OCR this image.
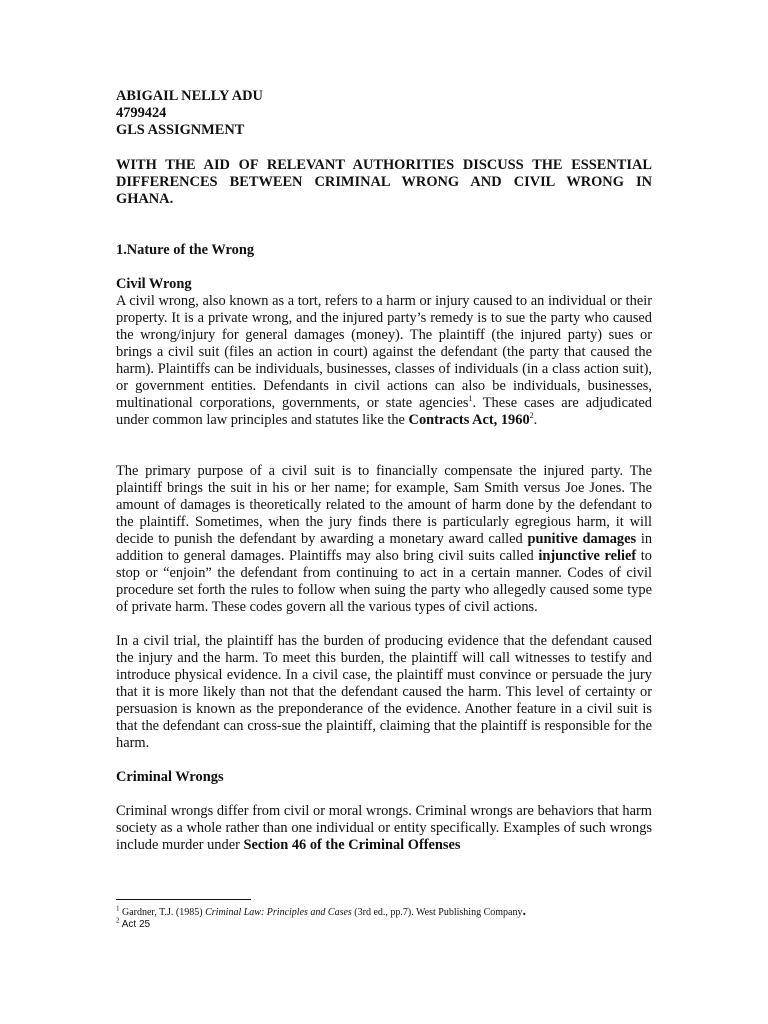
ABIGAIL NELLY ADU
4799424
GLS ASSIGNMENT

WITH THE AID OF RELEVANT AUTHORITIES DISCUSS THE ESSENTIAL DIFFERENCES BETWEEN CRIMINAL WRONG AND CIVIL WRONG IN GHANA.

1.Nature of the Wrong
Civil Wrong

A civil wrong, also known as a tort, refers to a harm or injury caused to an individual or their property. It is a private wrong, and the injured party’s remedy is to sue the party who caused the wrong/injury for general damages (money). The plaintiff (the injured party) sues or brings a civil suit (files an action in court) against the defendant (the party that caused the harm). Plaintiffs can be individuals, businesses, classes of individuals (in a class action suit), or government entities. Defendants in civil actions can also be individuals, businesses, multinational corporations, governments, or state agencies$^1$. These cases are adjudicated under common law principles and statutes like the Contracts Act, 1960$^2$.

The primary purpose of a civil suit is to financially compensate the injured party. The plaintiff brings the suit in his or her name; for example, Sam Smith versus Joe Jones. The amount of damages is theoretically related to the amount of harm done by the defendant to the plaintiff. Sometimes, when the jury finds there is particularly egregious harm, it will decide to punish the defendant by awarding a monetary award called punitive damages in addition to general damages. Plaintiffs may also bring civil suits called injunctive relief to stop or “enjoin” the defendant from continuing to act in a certain manner. Codes of civil procedure set forth the rules to follow when suing the party who allegedly caused some type of private harm. These codes govern all the various types of civil actions.

In a civil trial, the plaintiff has the burden of producing evidence that the defendant caused the injury and the harm. To meet this burden, the plaintiff will call witnesses to testify and introduce physical evidence. In a civil case, the plaintiff must convince or persuade the jury that it is more likely than not that the defendant caused the harm. This level of certainty or persuasion is known as the preponderance of the evidence. Another feature in a civil suit is that the defendant can cross-sue the plaintiff, claiming that the plaintiff is responsible for the harm.

Criminal Wrongs

Criminal wrongs differ from civil or moral wrongs. Criminal wrongs are behaviors that harm society as a whole rather than one individual or entity specifically. Examples of such wrongs include murder under Section 46 of the Criminal Offenses

$^1$ Gardner, T.J. (1985) Criminal Law: Principles and Cases (3rd ed., pp.7). West Publishing Company.

$^2$ Act 25
